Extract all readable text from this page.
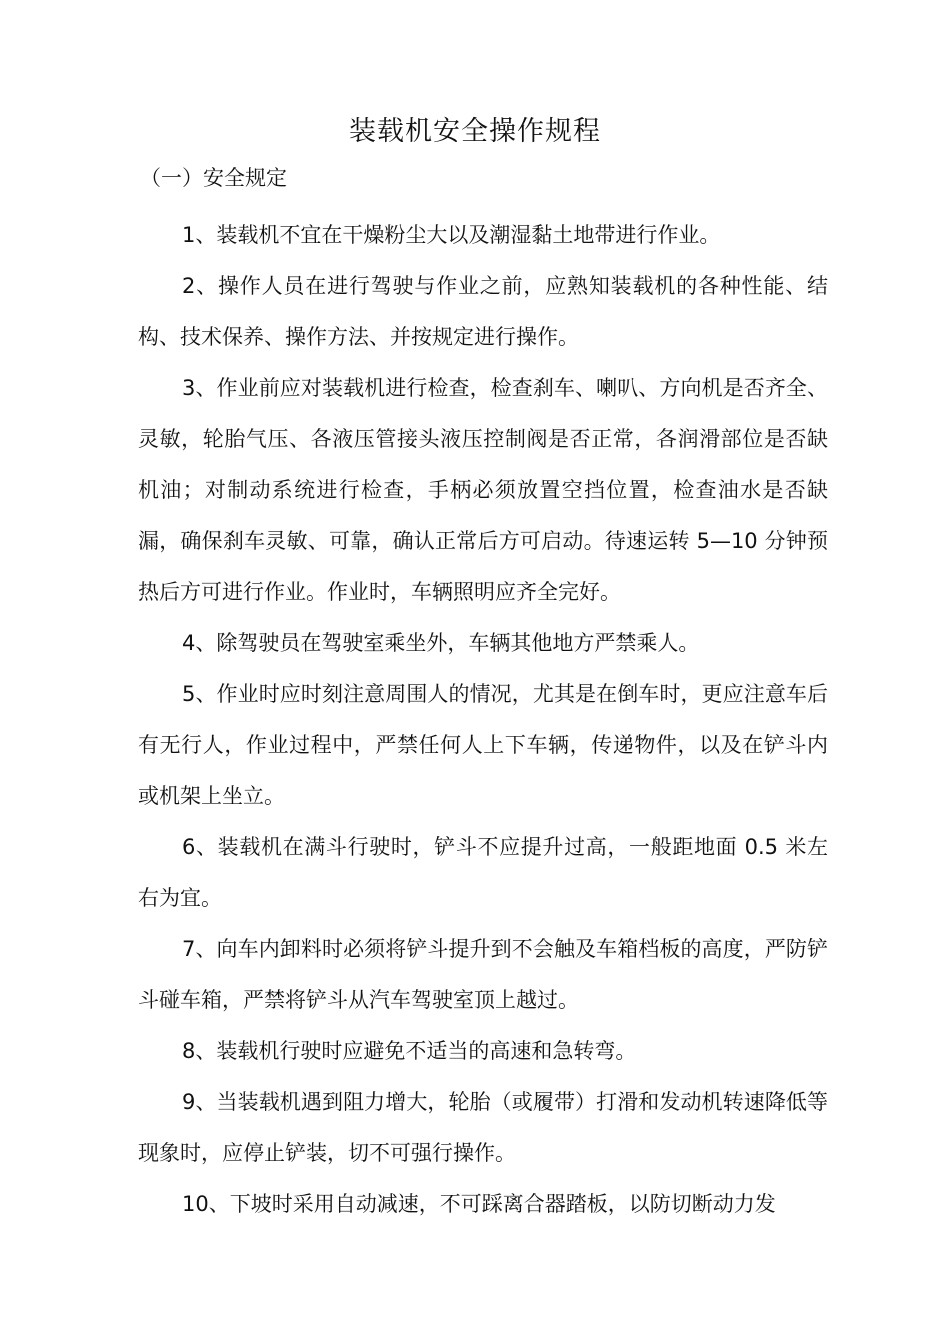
装载机安全操作规程
（一）安全规定

1、装载机不宜在干燥粉尘大以及潮湿黏土地带进行作业。

2、操作人员在进行驾驶与作业之前，应熟知装载机的各种性能、结构、技术保养、操作方法、并按规定进行操作。

3、作业前应对装载机进行检查，检查刹车、喇叭、方向机是否齐全、灵敏，轮胎气压、各液压管接头液压控制阀是否正常，各润滑部位是否缺机油；对制动系统进行检查，手柄必须放置空挡位置，检查油水是否缺漏，确保刹车灵敏、可靠，确认正常后方可启动。待速运转 5—10 分钟预热后方可进行作业。作业时，车辆照明应齐全完好。

4、除驾驶员在驾驶室乘坐外，车辆其他地方严禁乘人。

5、作业时应时刻注意周围人的情况，尤其是在倒车时，更应注意车后有无行人，作业过程中，严禁任何人上下车辆，传递物件，以及在铲斗内或机架上坐立。

6、装载机在满斗行驶时，铲斗不应提升过高，一般距地面 0.5 米左右为宜。

7、向车内卸料时必须将铲斗提升到不会触及车箱档板的高度，严防铲斗碰车箱，严禁将铲斗从汽车驾驶室顶上越过。

8、装载机行驶时应避免不适当的高速和急转弯。

9、当装载机遇到阻力增大，轮胎（或履带）打滑和发动机转速降低等现象时，应停止铲装，切不可强行操作。

10、下坡时采用自动减速，不可踩离合器踏板，以防切断动力发
